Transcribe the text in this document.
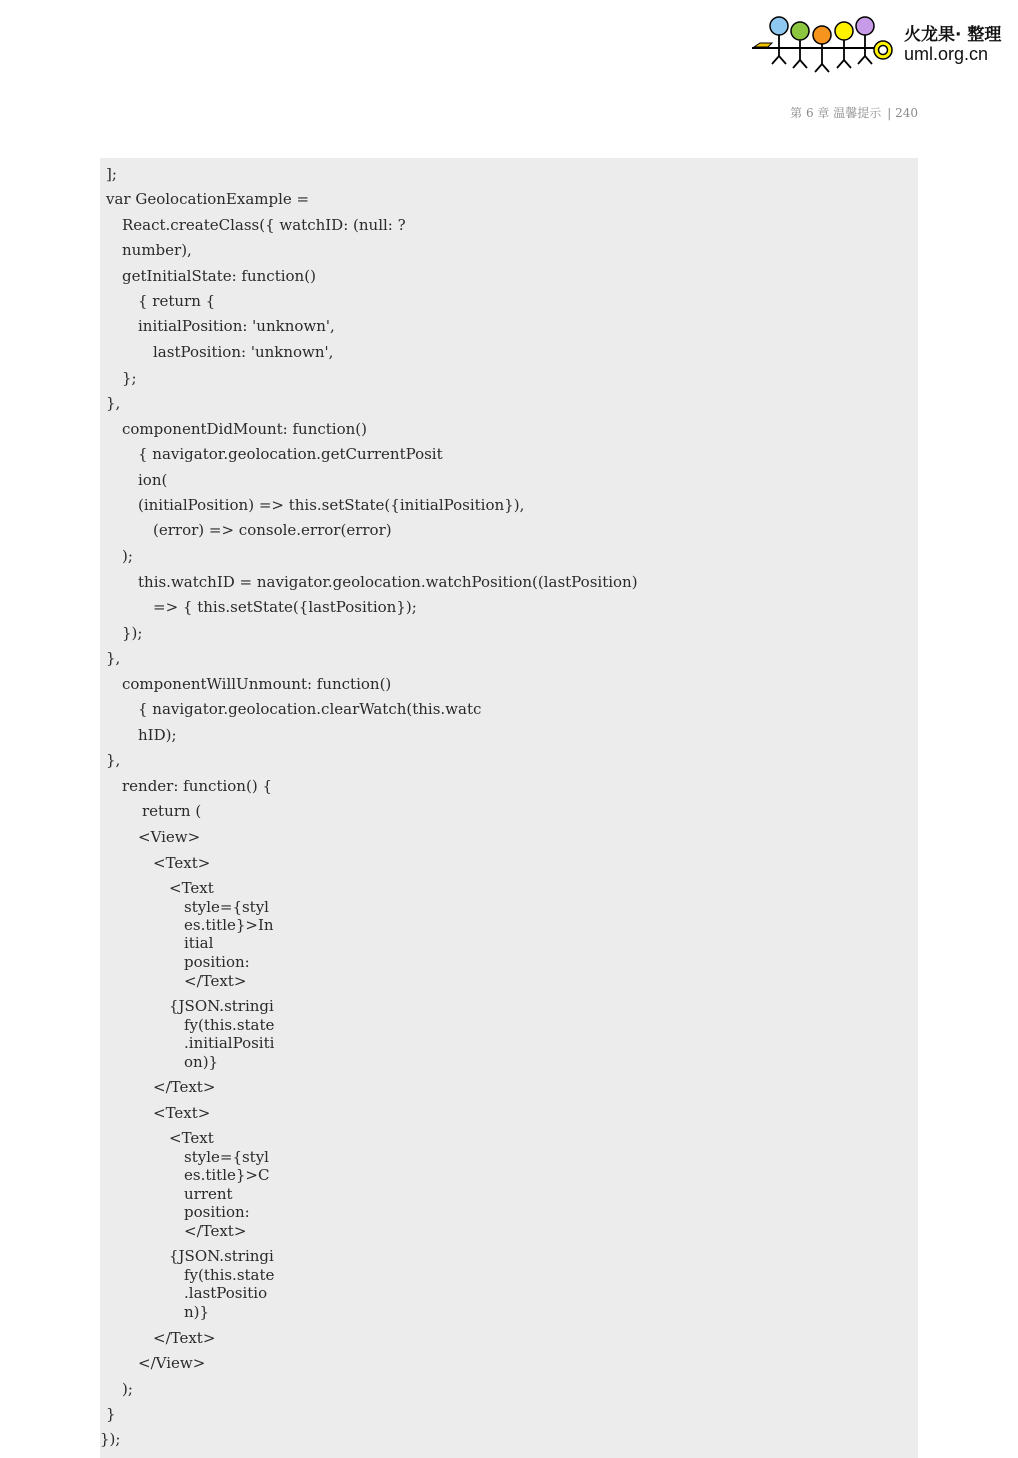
火龙果· 整理
uml.org.cn
第 6 章 温馨提示 | 240
];
var GeolocationExample =
React.createClass({ watchID: (null: ?
number),
getInitialState: function()
{ return {
initialPosition: 'unknown',
lastPosition: 'unknown',
};
},
componentDidMount: function()
{ navigator.geolocation.getCurrentPosit
ion(
(initialPosition) => this.setState({initialPosition}),
(error) => console.error(error)
);
this.watchID = navigator.geolocation.watchPosition((lastPosition)
=> { this.setState({lastPosition});
});
},
componentWillUnmount: function()
{ navigator.geolocation.clearWatch(this.watc
hID);
},
render: function() {
return (
<View>
<Text>
<Text
style={styl
es.title}>In
itial
position:
</Text>
{JSON.stringi
fy(this.state
.initialPositi
on)}
</Text>
<Text>
<Text
style={styl
es.title}>C
urrent
position:
</Text>
{JSON.stringi
fy(this.state
.lastPositio
n)}
</Text>
</View>
);
}
});
